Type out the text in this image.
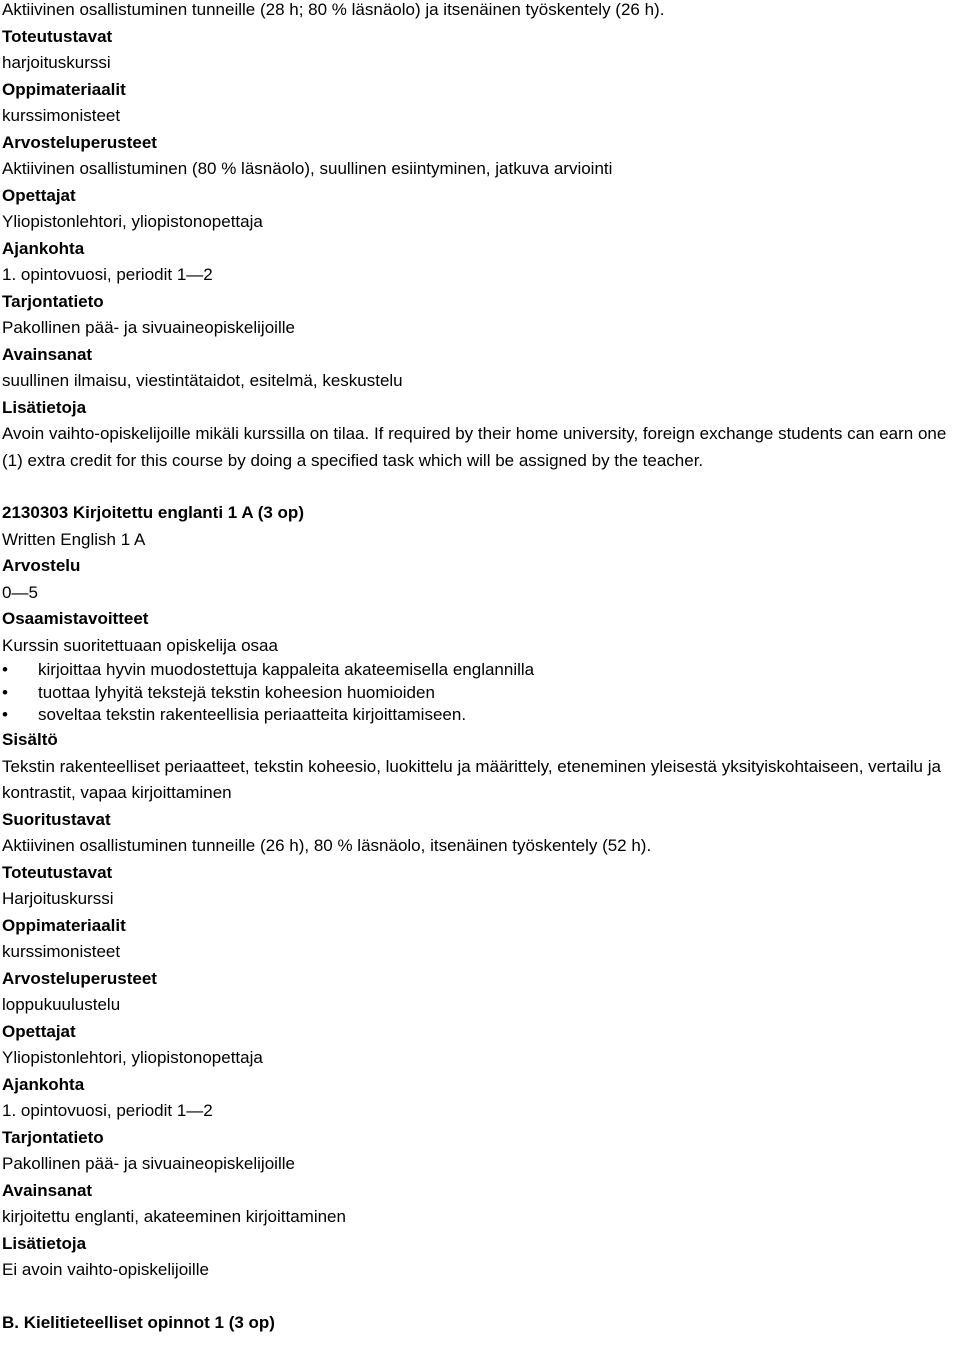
Aktiivinen osallistuminen tunneille (28 h; 80 % läsnäolo) ja itsenäinen työskentely (26 h).
Toteutustavat
harjoituskurssi
Oppimateriaalit
kurssimonisteet
Arvosteluperusteet
Aktiivinen osallistuminen (80 % läsnäolo), suullinen esiintyminen, jatkuva arviointi
Opettajat
Yliopistonlehtori, yliopistonopettaja
Ajankohta
1. opintovuosi, periodit 1—2
Tarjontatieto
Pakollinen pää- ja sivuaineopiskelijoille
Avainsanat
suullinen ilmaisu, viestintätaidot, esitelmä, keskustelu
Lisätietoja
Avoin vaihto-opiskelijoille mikäli kurssilla on tilaa. If required by their home university, foreign exchange students can earn one (1) extra credit for this course by doing a specified task which will be assigned by the teacher.
2130303 Kirjoitettu englanti 1 A (3 op)
Written English 1 A
Arvostelu
0—5
Osaamistavoitteet
Kurssin suoritettuaan opiskelija osaa
• kirjoittaa hyvin muodostettuja kappaleita akateemisella englannilla
• tuottaa lyhyitä tekstejä tekstin koheesion huomioiden
• soveltaa tekstin rakenteellisia periaatteita kirjoittamiseen.
Sisältö
Tekstin rakenteelliset periaatteet, tekstin koheesio, luokittelu ja määrittely, eteneminen yleisestä yksityiskohtaiseen, vertailu ja kontrastit, vapaa kirjoittaminen
Suoritustavat
Aktiivinen osallistuminen tunneille (26 h), 80 % läsnäolo, itsenäinen työskentely (52 h).
Toteutustavat
Harjoituskurssi
Oppimateriaalit
kurssimonisteet
Arvosteluperusteet
loppukuulustelu
Opettajat
Yliopistonlehtori, yliopistonopettaja
Ajankohta
1. opintovuosi, periodit 1—2
Tarjontatieto
Pakollinen pää- ja sivuaineopiskelijoille
Avainsanat
kirjoitettu englanti, akateeminen kirjoittaminen
Lisätietoja
Ei avoin vaihto-opiskelijoille
B. Kielitieteelliset opinnot 1 (3 op)
